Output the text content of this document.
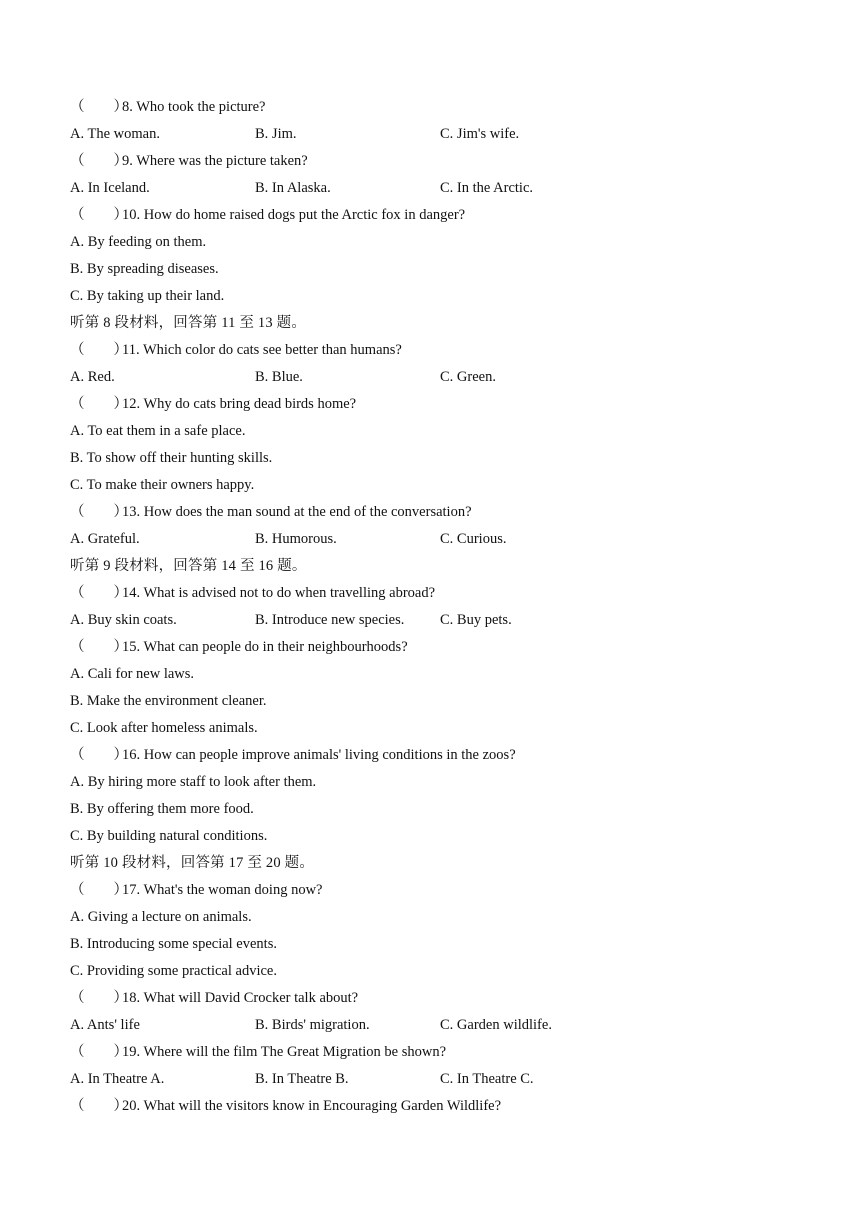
（　　）8. Who took the picture?
A. The woman.	B. Jim.	C. Jim's wife.
（　　）9. Where was the picture taken?
A. In Iceland.	B. In Alaska.	C. In the Arctic.
（　　）10. How do home raised dogs put the Arctic fox in danger?
A. By feeding on them.
B. By spreading diseases.
C. By taking up their land.
听第 8 段材料，回答第 11 至 13 题。
（　　）11. Which color do cats see better than humans?
A. Red.	B. Blue.	C. Green.
（　　）12. Why do cats bring dead birds home?
A. To eat them in a safe place.
B. To show off their hunting skills.
C. To make their owners happy.
（　　）13. How does the man sound at the end of the conversation?
A. Grateful.	B. Humorous.	C. Curious.
听第 9 段材料，回答第 14 至 16 题。
（　　）14. What is advised not to do when travelling abroad?
A. Buy skin coats.	B. Introduce new species. C. Buy pets.
（　　）15. What can people do in their neighbourhoods?
A. Cali for new laws.
B. Make the environment cleaner.
C. Look after homeless animals.
（　　）16. How can people improve animals' living conditions in the zoos?
A. By hiring more staff to look after them.
B. By offering them more food.
C. By building natural conditions.
听第 10 段材料，回答第 17 至 20 题。
（　　）17. What's the woman doing now?
A. Giving a lecture on animals.
B. Introducing some special events.
C. Providing some practical advice.
（　　）18. What will David Crocker talk about?
A. Ants' life	B. Birds' migration.	C. Garden wildlife.
（　　）19. Where will the film The Great Migration be shown?
A. In Theatre A.	B. In Theatre B.	C. In Theatre C.
（　　）20. What will the visitors know in Encouraging Garden Wildlife?
